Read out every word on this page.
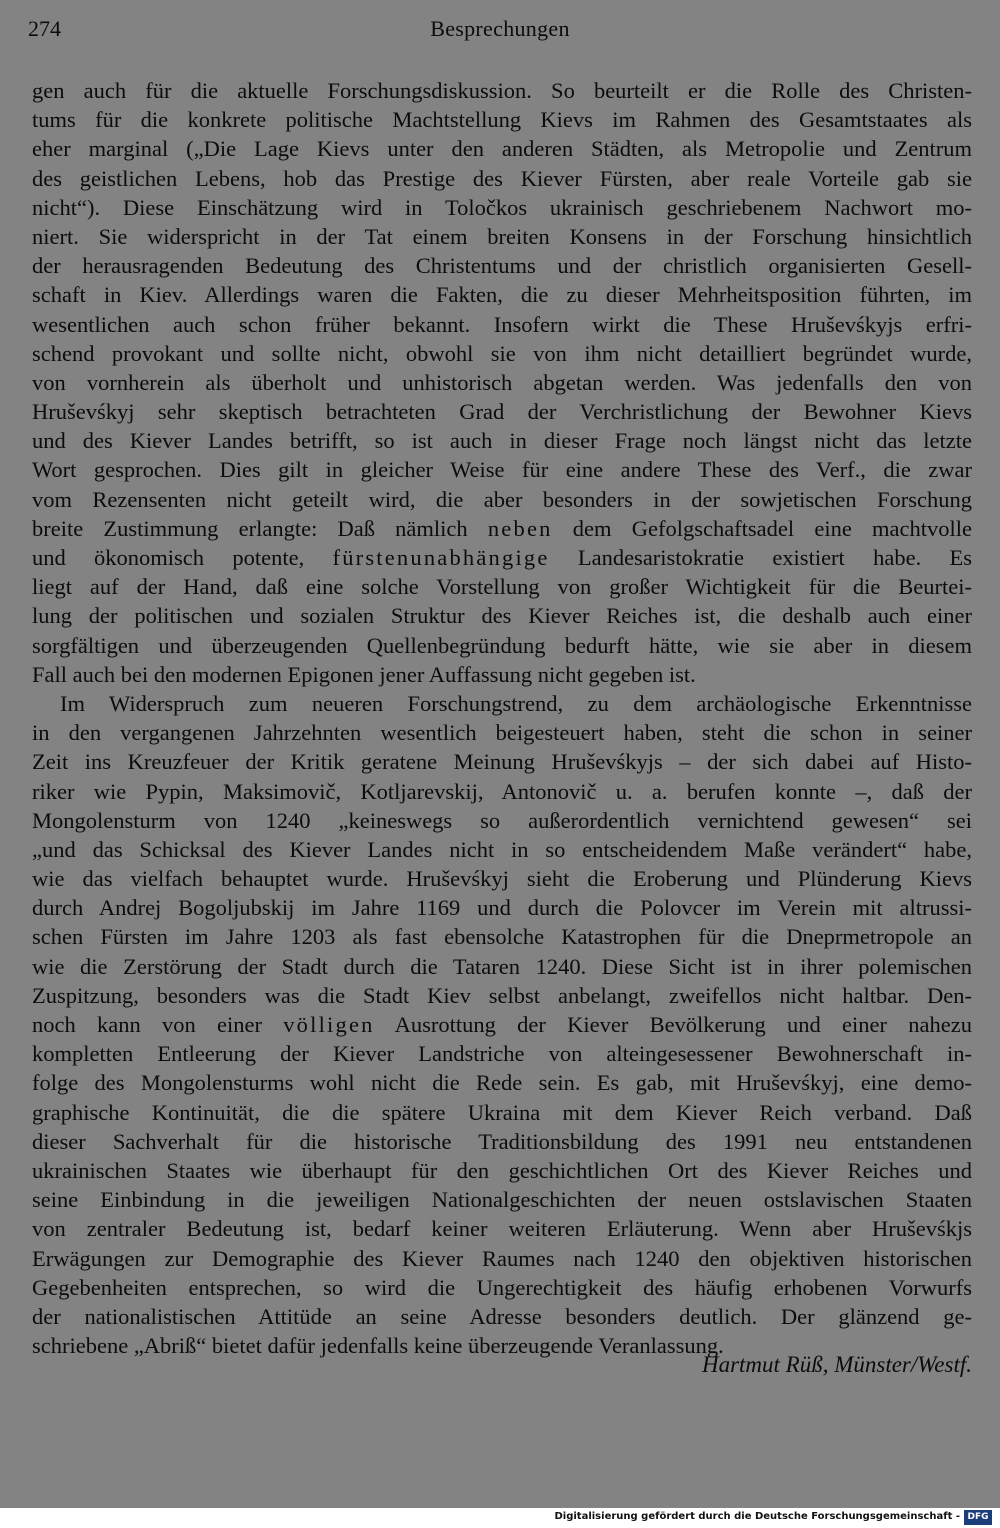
274	Besprechungen
gen auch für die aktuelle Forschungsdiskussion. So beurteilt er die Rolle des Christen-
tums für die konkrete politische Machtstellung Kievs im Rahmen des Gesamtstaates als
eher marginal („Die Lage Kievs unter den anderen Städten, als Metropolie und Zentrum
des geistlichen Lebens, hob das Prestige des Kiever Fürsten, aber reale Vorteile gab sie
nicht“). Diese Einschätzung wird in Toločkos ukrainisch geschriebenem Nachwort mo-
niert. Sie widerspricht in der Tat einem breiten Konsens in der Forschung hinsichtlich
der herausragenden Bedeutung des Christentums und der christlich organisierten Gesell-
schaft in Kiev. Allerdings waren die Fakten, die zu dieser Mehrheitsposition führten, im
wesentlichen auch schon früher bekannt. Insofern wirkt die These Hruševśkyjs erfri-
schend provokant und sollte nicht, obwohl sie von ihm nicht detailliert begründet wurde,
von vornherein als überholt und unhistorisch abgetan werden. Was jedenfalls den von
Hruševśkyj sehr skeptisch betrachteten Grad der Verchristlichung der Bewohner Kievs
und des Kiever Landes betrifft, so ist auch in dieser Frage noch längst nicht das letzte
Wort gesprochen. Dies gilt in gleicher Weise für eine andere These des Verf., die zwar
vom Rezensenten nicht geteilt wird, die aber besonders in der sowjetischen Forschung
breite Zustimmung erlangte: Daß nämlich neben dem Gefolgschaftsadel eine machtvolle
und ökonomisch potente, fürstenunabhängige Landesaristokratie existiert habe. Es
liegt auf der Hand, daß eine solche Vorstellung von großer Wichtigkeit für die Beurtei-
lung der politischen und sozialen Struktur des Kiever Reiches ist, die deshalb auch einer
sorgfältigen und überzeugenden Quellenbegründung bedurft hätte, wie sie aber in diesem
Fall auch bei den modernen Epigonen jener Auffassung nicht gegeben ist.
Im Widerspruch zum neueren Forschungstrend, zu dem archäologische Erkenntnisse
in den vergangenen Jahrzehnten wesentlich beigesteuert haben, steht die schon in seiner
Zeit ins Kreuzfeuer der Kritik geratene Meinung Hruševśkyjs – der sich dabei auf Histo-
riker wie Pypin, Maksimovič, Kotljarevskij, Antonovič u. a. berufen konnte –, daß der
Mongolensturm von 1240 „keineswegs so außerordentlich vernichtend gewesen“ sei
„und das Schicksal des Kiever Landes nicht in so entscheidendem Maße verändert“ habe,
wie das vielfach behauptet wurde. Hruševśkyj sieht die Eroberung und Plünderung Kievs
durch Andrej Bogoljubskij im Jahre 1169 und durch die Polovcer im Verein mit altrussi-
schen Fürsten im Jahre 1203 als fast ebensolche Katastrophen für die Dneprmetropole an
wie die Zerstörung der Stadt durch die Tataren 1240. Diese Sicht ist in ihrer polemischen
Zuspitzung, besonders was die Stadt Kiev selbst anbelangt, zweifellos nicht haltbar. Den-
noch kann von einer völligen Ausrottung der Kiever Bevölkerung und einer nahezu
kompletten Entleerung der Kiever Landstriche von alteingesessener Bewohnerschaft in-
folge des Mongolensturms wohl nicht die Rede sein. Es gab, mit Hruševśkyj, eine demo-
graphische Kontinuität, die die spätere Ukraina mit dem Kiever Reich verband. Daß
dieser Sachverhalt für die historische Traditionsbildung des 1991 neu entstandenen
ukrainischen Staates wie überhaupt für den geschichtlichen Ort des Kiever Reiches und
seine Einbindung in die jeweiligen Nationalgeschichten der neuen ostslavischen Staaten
von zentraler Bedeutung ist, bedarf keiner weiteren Erläuterung. Wenn aber Hruševśkjs
Erwägungen zur Demographie des Kiever Raumes nach 1240 den objektiven historischen
Gegebenheiten entsprechen, so wird die Ungerechtigkeit des häufig erhobenen Vorwurfs
der nationalistischen Attitüde an seine Adresse besonders deutlich. Der glänzend ge-
schriebene „Abriß“ bietet dafür jedenfalls keine überzeugende Veranlassung.
Hartmut Rüß, Münster/Westf.
Digitalisierung gefördert durch die Deutsche Forschungsgemeinschaft - DFG
